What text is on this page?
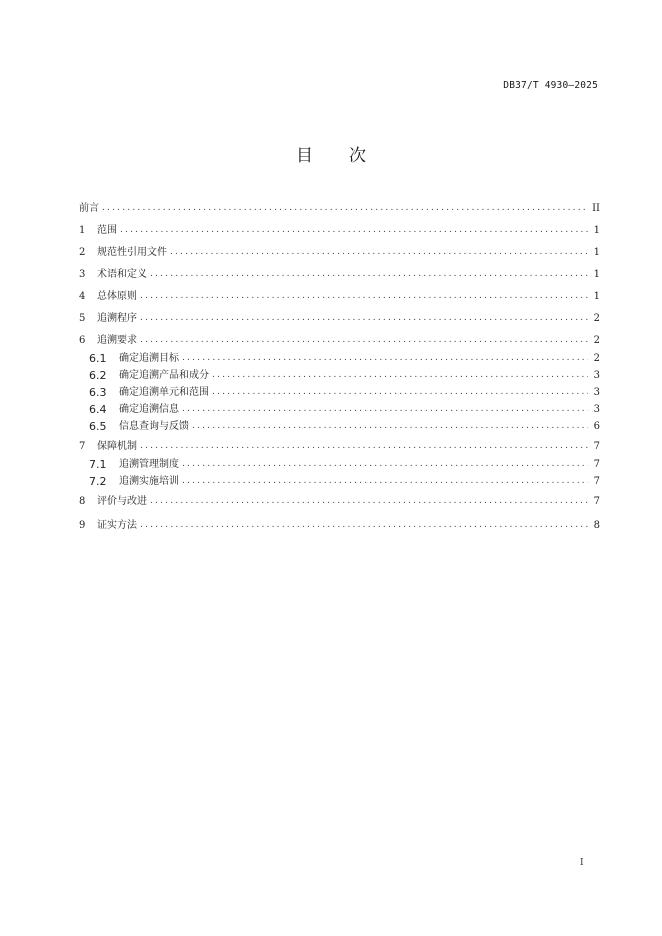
DB37/T 4930—2025
目 次
前言 .....	II
1	范围 .....	1
2	规范性引用文件 .....	1
3	术语和定义 .....	1
4	总体原则 .....	1
5	追溯程序 .....	2
6	追溯要求 .....	2
6.1	确定追溯目标 .....	2
6.2	确定追溯产品和成分 .....	3
6.3	确定追溯单元和范围 .....	3
6.4	确定追溯信息 .....	3
6.5	信息查询与反馈 .....	6
7	保障机制 .....	7
7.1	追溯管理制度 .....	7
7.2	追溯实施培训 .....	7
8	评价与改进 .....	7
9	证实方法 .....	8
I
